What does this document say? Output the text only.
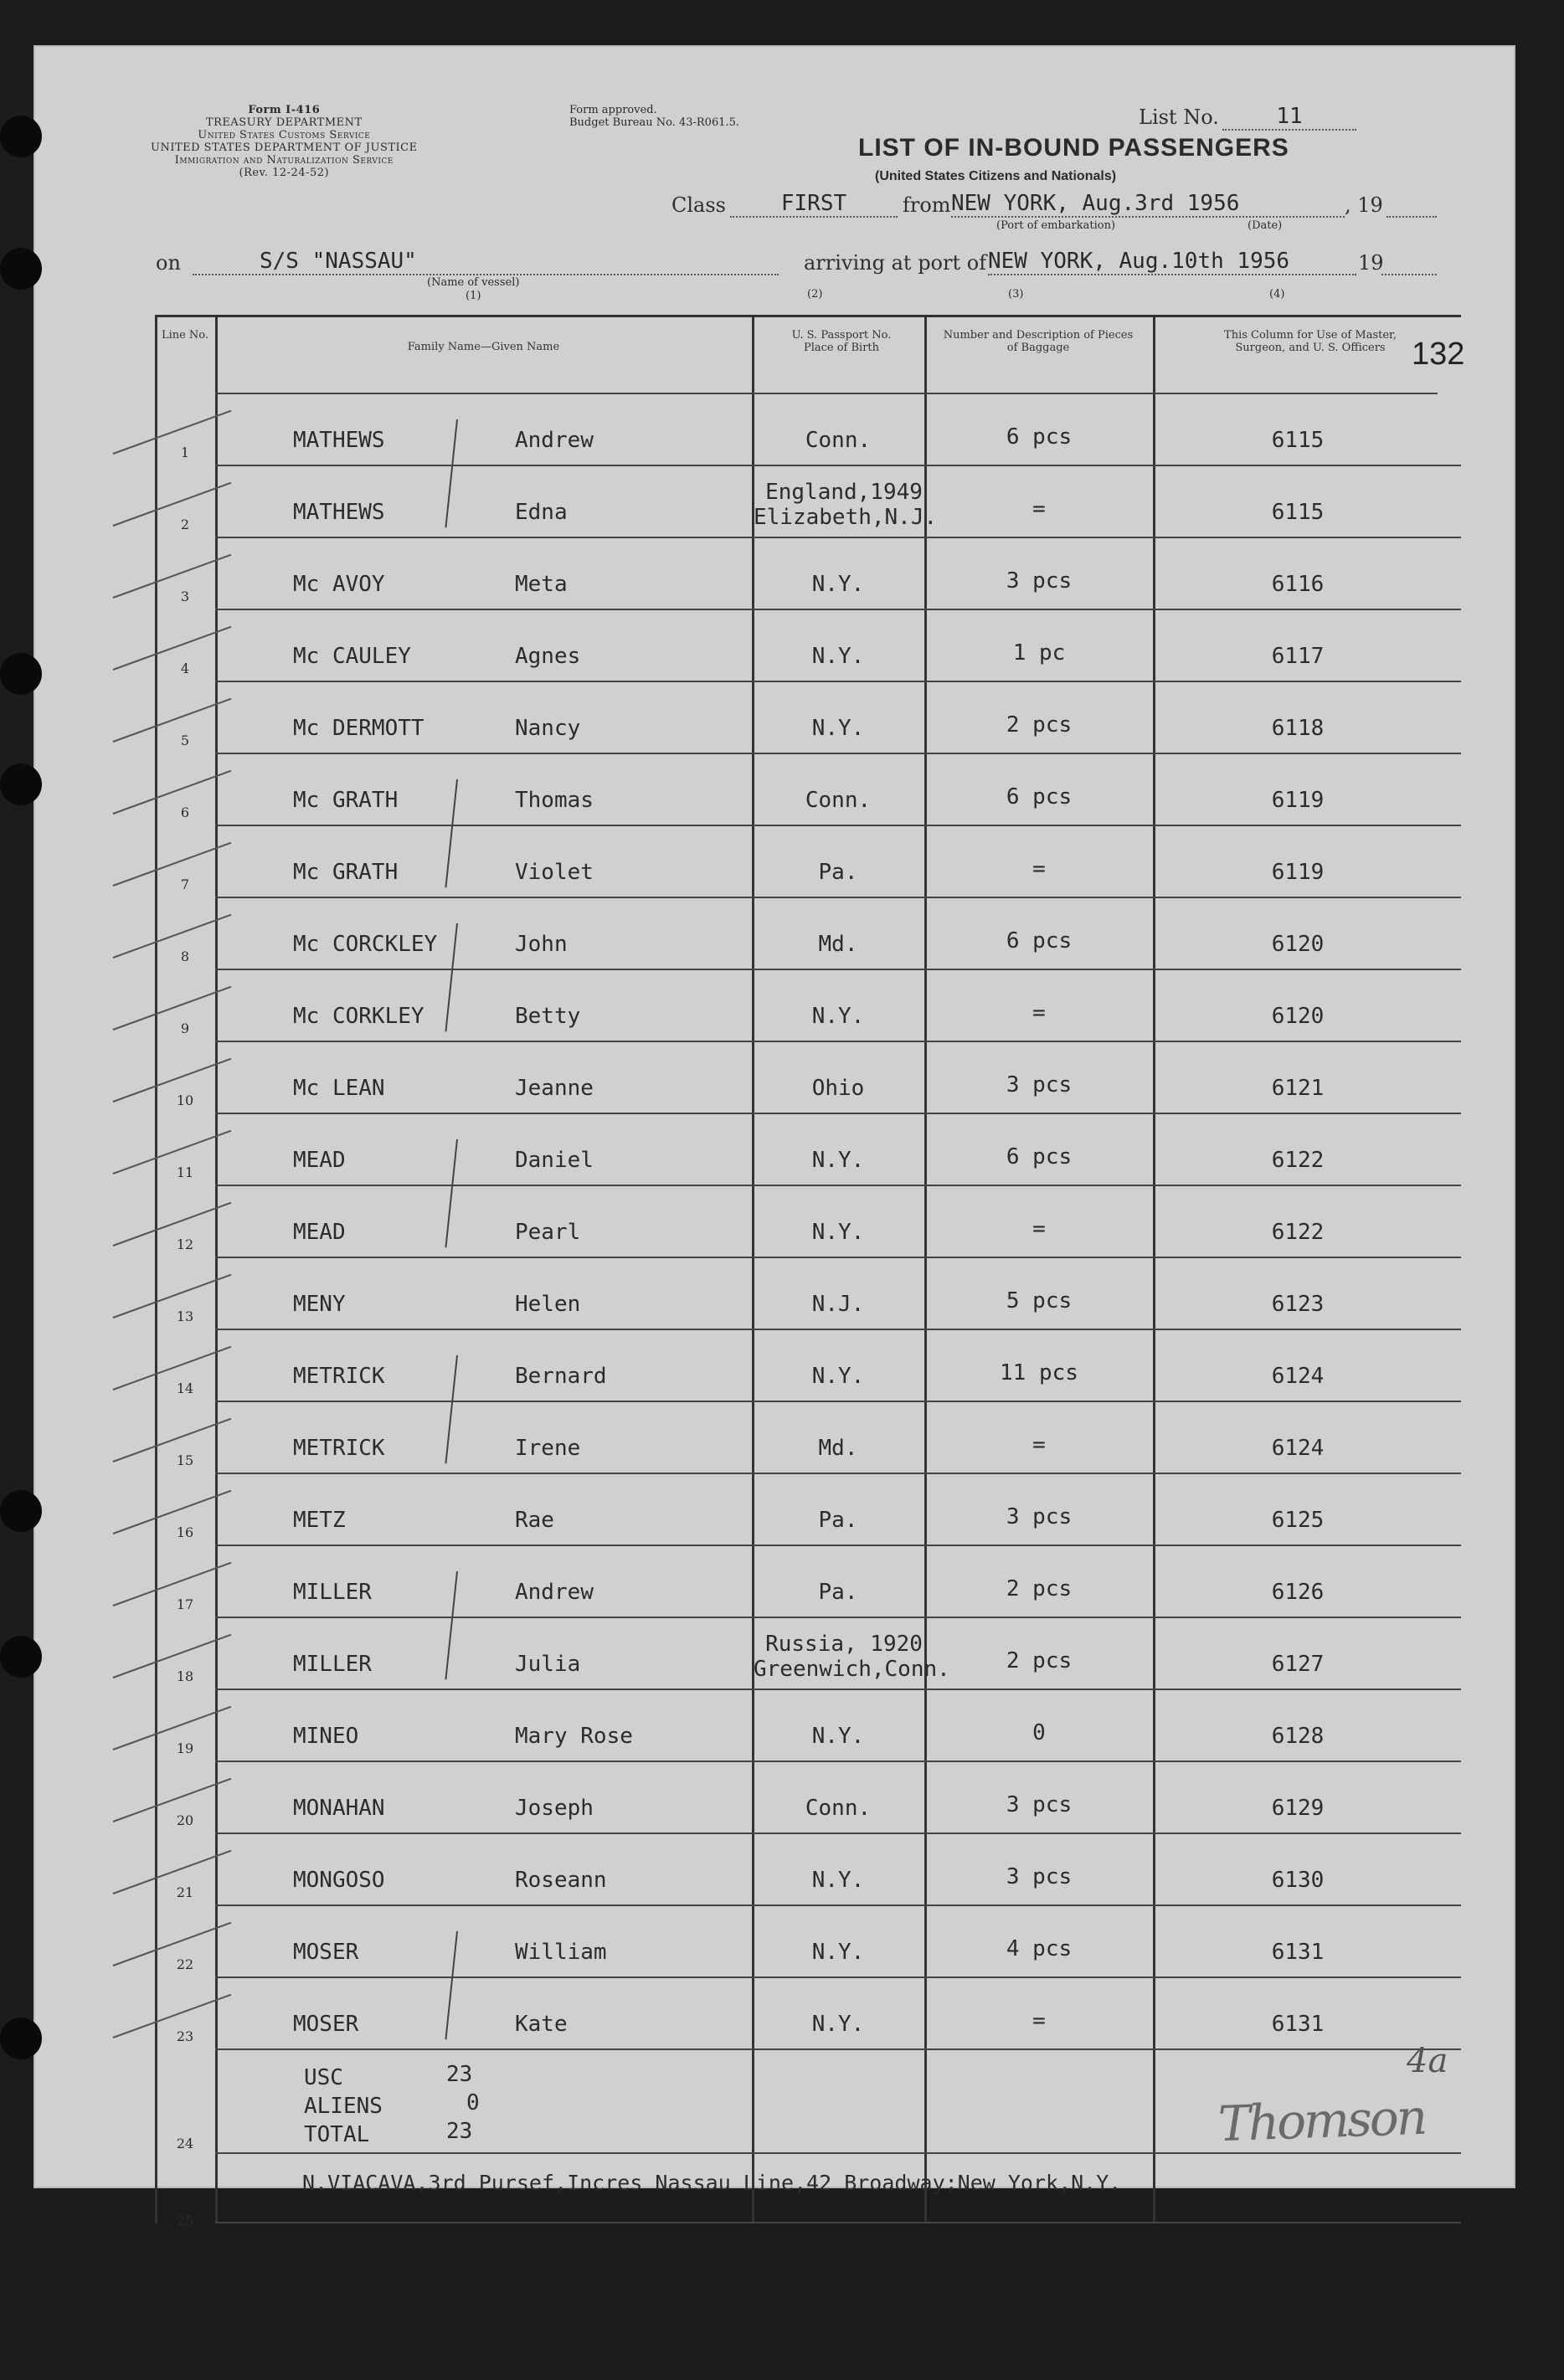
Form I-416
TREASURY DEPARTMENT
United States Customs Service
UNITED STATES DEPARTMENT OF JUSTICE
Immigration and Naturalization Service
(Rev. 12-24-52)
Form approved.
Budget Bureau No. 43-R061.5.	List No.	11
LIST OF IN-BOUND PASSENGERS
(United States Citizens and Nationals)
Class	FIRST	from NEW YORK, Aug.3rd 1956	, 19
(Port of embarkation)	(Date)
on	S/S "NASSAU"
(Name of vessel)
(1)
arriving at port of NEW YORK, Aug.10th 1956	19
(2)	(3)	(4)
132
Line No.
Family Name—Given Name
U. S. Passport No. Place of Birth
Number and Description of Pieces of Baggage
This Column for Use of Master, Surgeon, and U. S. Officers
1	MATHEWS	Andrew	Conn.	6 pcs	6115
2	MATHEWS	Edna
England,1949
Elizabeth,N.J.	=	6115
3	Mc AVOY	Meta	N.Y.	3 pcs	6116
4	Mc CAULEY	Agnes	N.Y.	1 pc	6117
5	Mc DERMOTT	Nancy	N.Y.	2 pcs	6118
6	Mc GRATH	Thomas	Conn.	6 pcs	6119
7	Mc GRATH	Violet	Pa.	=	6119
8	Mc CORCKLEY	John	Md.	6 pcs	6120
9	Mc CORKLEY	Betty	N.Y.	=	6120
10	Mc LEAN	Jeanne	Ohio	3 pcs	6121
11	MEAD	Daniel	N.Y.	6 pcs	6122
12	MEAD	Pearl	N.Y.	=	6122
13	MENY	Helen	N.J.	5 pcs	6123
14	METRICK	Bernard	N.Y.	11 pcs	6124
15	METRICK	Irene	Md.	=	6124
16	METZ	Rae	Pa.	3 pcs	6125
17	MILLER	Andrew	Pa.	2 pcs	6126
18	MILLER	Julia
Russia, 1920
Greenwich,Conn.	2 pcs	6127
19	MINEO	Mary Rose	N.Y.	0	6128
20	MONAHAN	Joseph	Conn.	3 pcs	6129
21	MONGOSO	Roseann	N.Y.	3 pcs	6130
22	MOSER	William	N.Y.	4 pcs	6131
23	MOSER	Kate	N.Y.	=	6131
USC	23
ALIENS	0
TOTAL	23
24
N.VIACAVA,3rd Pursef,Incres Nassau Line,42 Broadway;New York,N.Y.
25
4a
Thomson
